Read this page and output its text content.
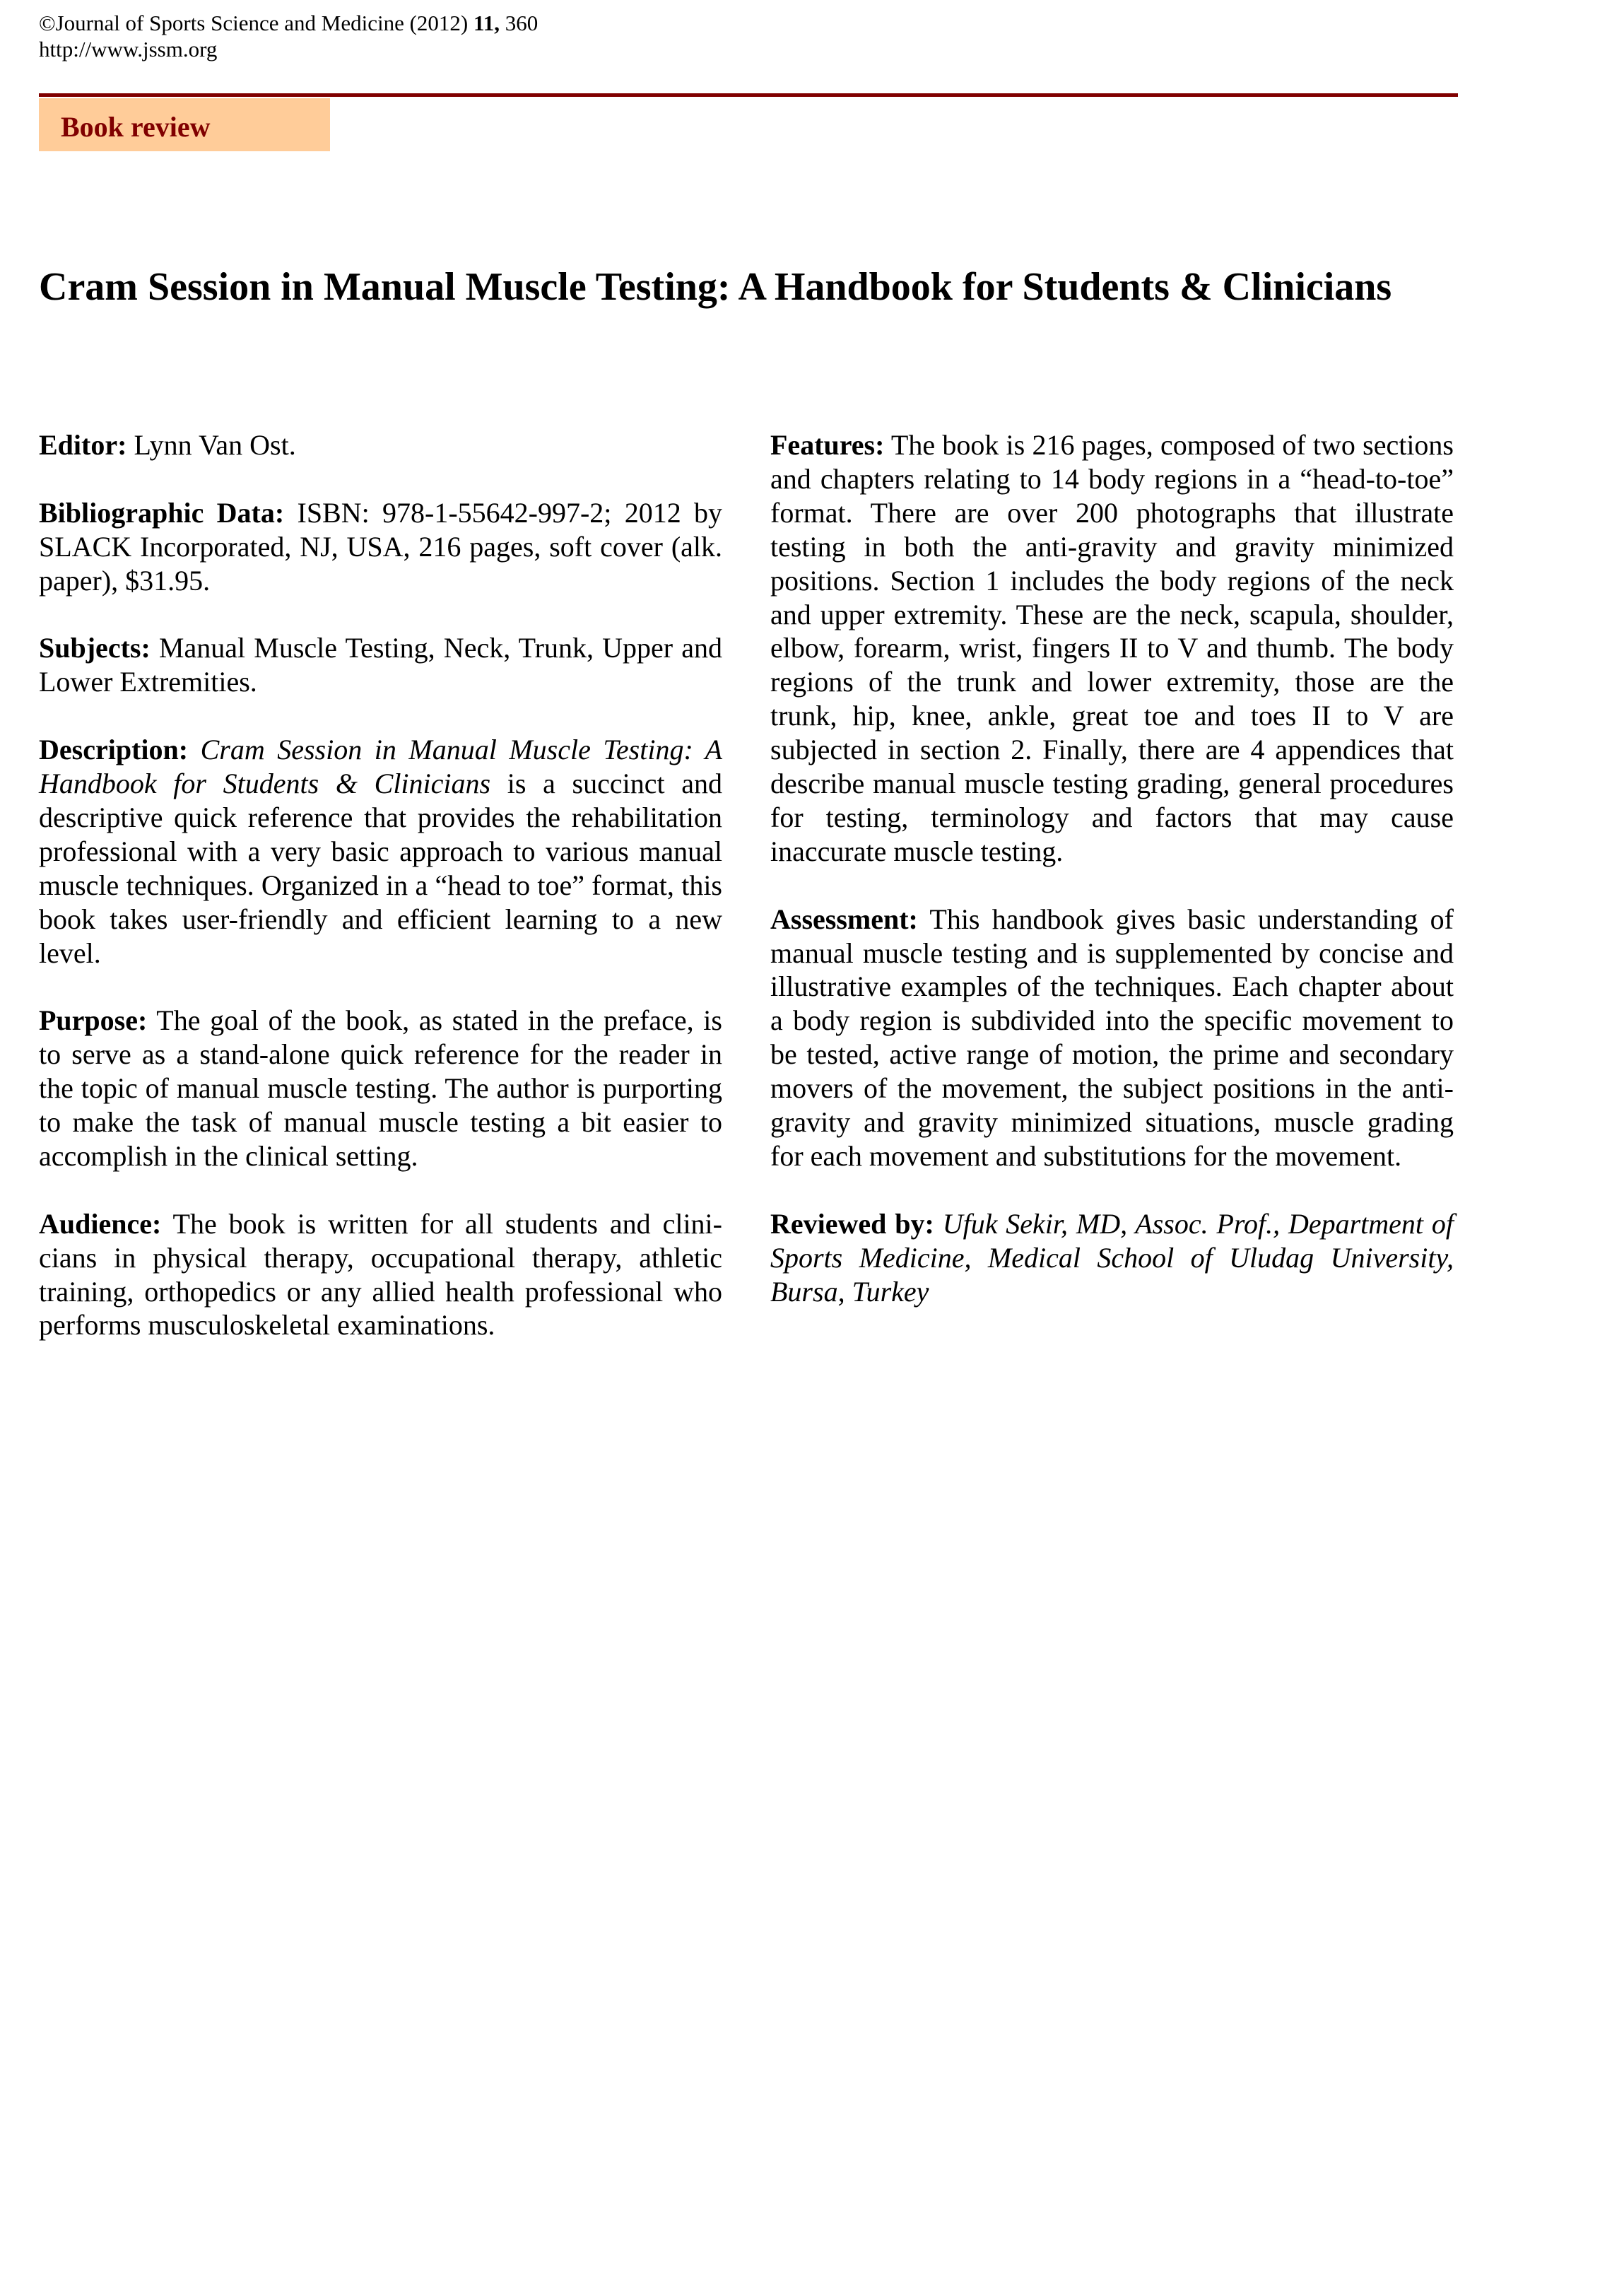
©Journal of Sports Science and Medicine (2012) 11, 360
http://www.jssm.org
Book review
Cram Session in Manual Muscle Testing: A Handbook for Students & Clinicians

Editor: Lynn Van Ost.

Bibliographic Data: ISBN: 978-1-55642-997-2; 2012 by SLACK Incorporated, NJ, USA, 216 pages, soft cover (alk. paper), $31.95.

Subjects: Manual Muscle Testing, Neck, Trunk, Upper and Lower Extremities.

Description: Cram Session in Manual Muscle Testing: A Handbook for Students & Clinicians is a succinct and descriptive quick reference that provides the rehabilitation professional with a very basic approach to various manual muscle techniques. Organized in a “head to toe” format, this book takes user-friendly and efficient learning to a new level.

Purpose: The goal of the book, as stated in the preface, is to serve as a stand-alone quick reference for the reader in the topic of manual muscle testing. The author is purporting to make the task of manual muscle testing a bit easier to accomplish in the clinical setting.

Audience: The book is written for all students and clinicians in physical therapy, occupational therapy, athletic training, orthopedics or any allied health professional who performs musculoskeletal examinations.

Features: The book is 216 pages, composed of two sections and chapters relating to 14 body regions in a “head-to-toe” format. There are over 200 photographs that illustrate testing in both the anti-gravity and gravity minimized positions. Section 1 includes the body regions of the neck and upper extremity. These are the neck, scapula, shoulder, elbow, forearm, wrist, fingers II to V and thumb. The body regions of the trunk and lower extremity, those are the trunk, hip, knee, ankle, great toe and toes II to V are subjected in section 2. Finally, there are 4 appendices that describe manual muscle testing grading, general procedures for testing, terminology and factors that may cause inaccurate muscle testing.

Assessment: This handbook gives basic understanding of manual muscle testing and is supplemented by concise and illustrative examples of the techniques. Each chapter about a body region is subdivided into the specific movement to be tested, active range of motion, the prime and secondary movers of the movement, the subject positions in the anti-gravity and gravity minimized situations, muscle grading for each movement and substitutions for the movement.

Reviewed by: Ufuk Sekir, MD, Assoc. Prof., Department of Sports Medicine, Medical School of Uludag University, Bursa, Turkey
